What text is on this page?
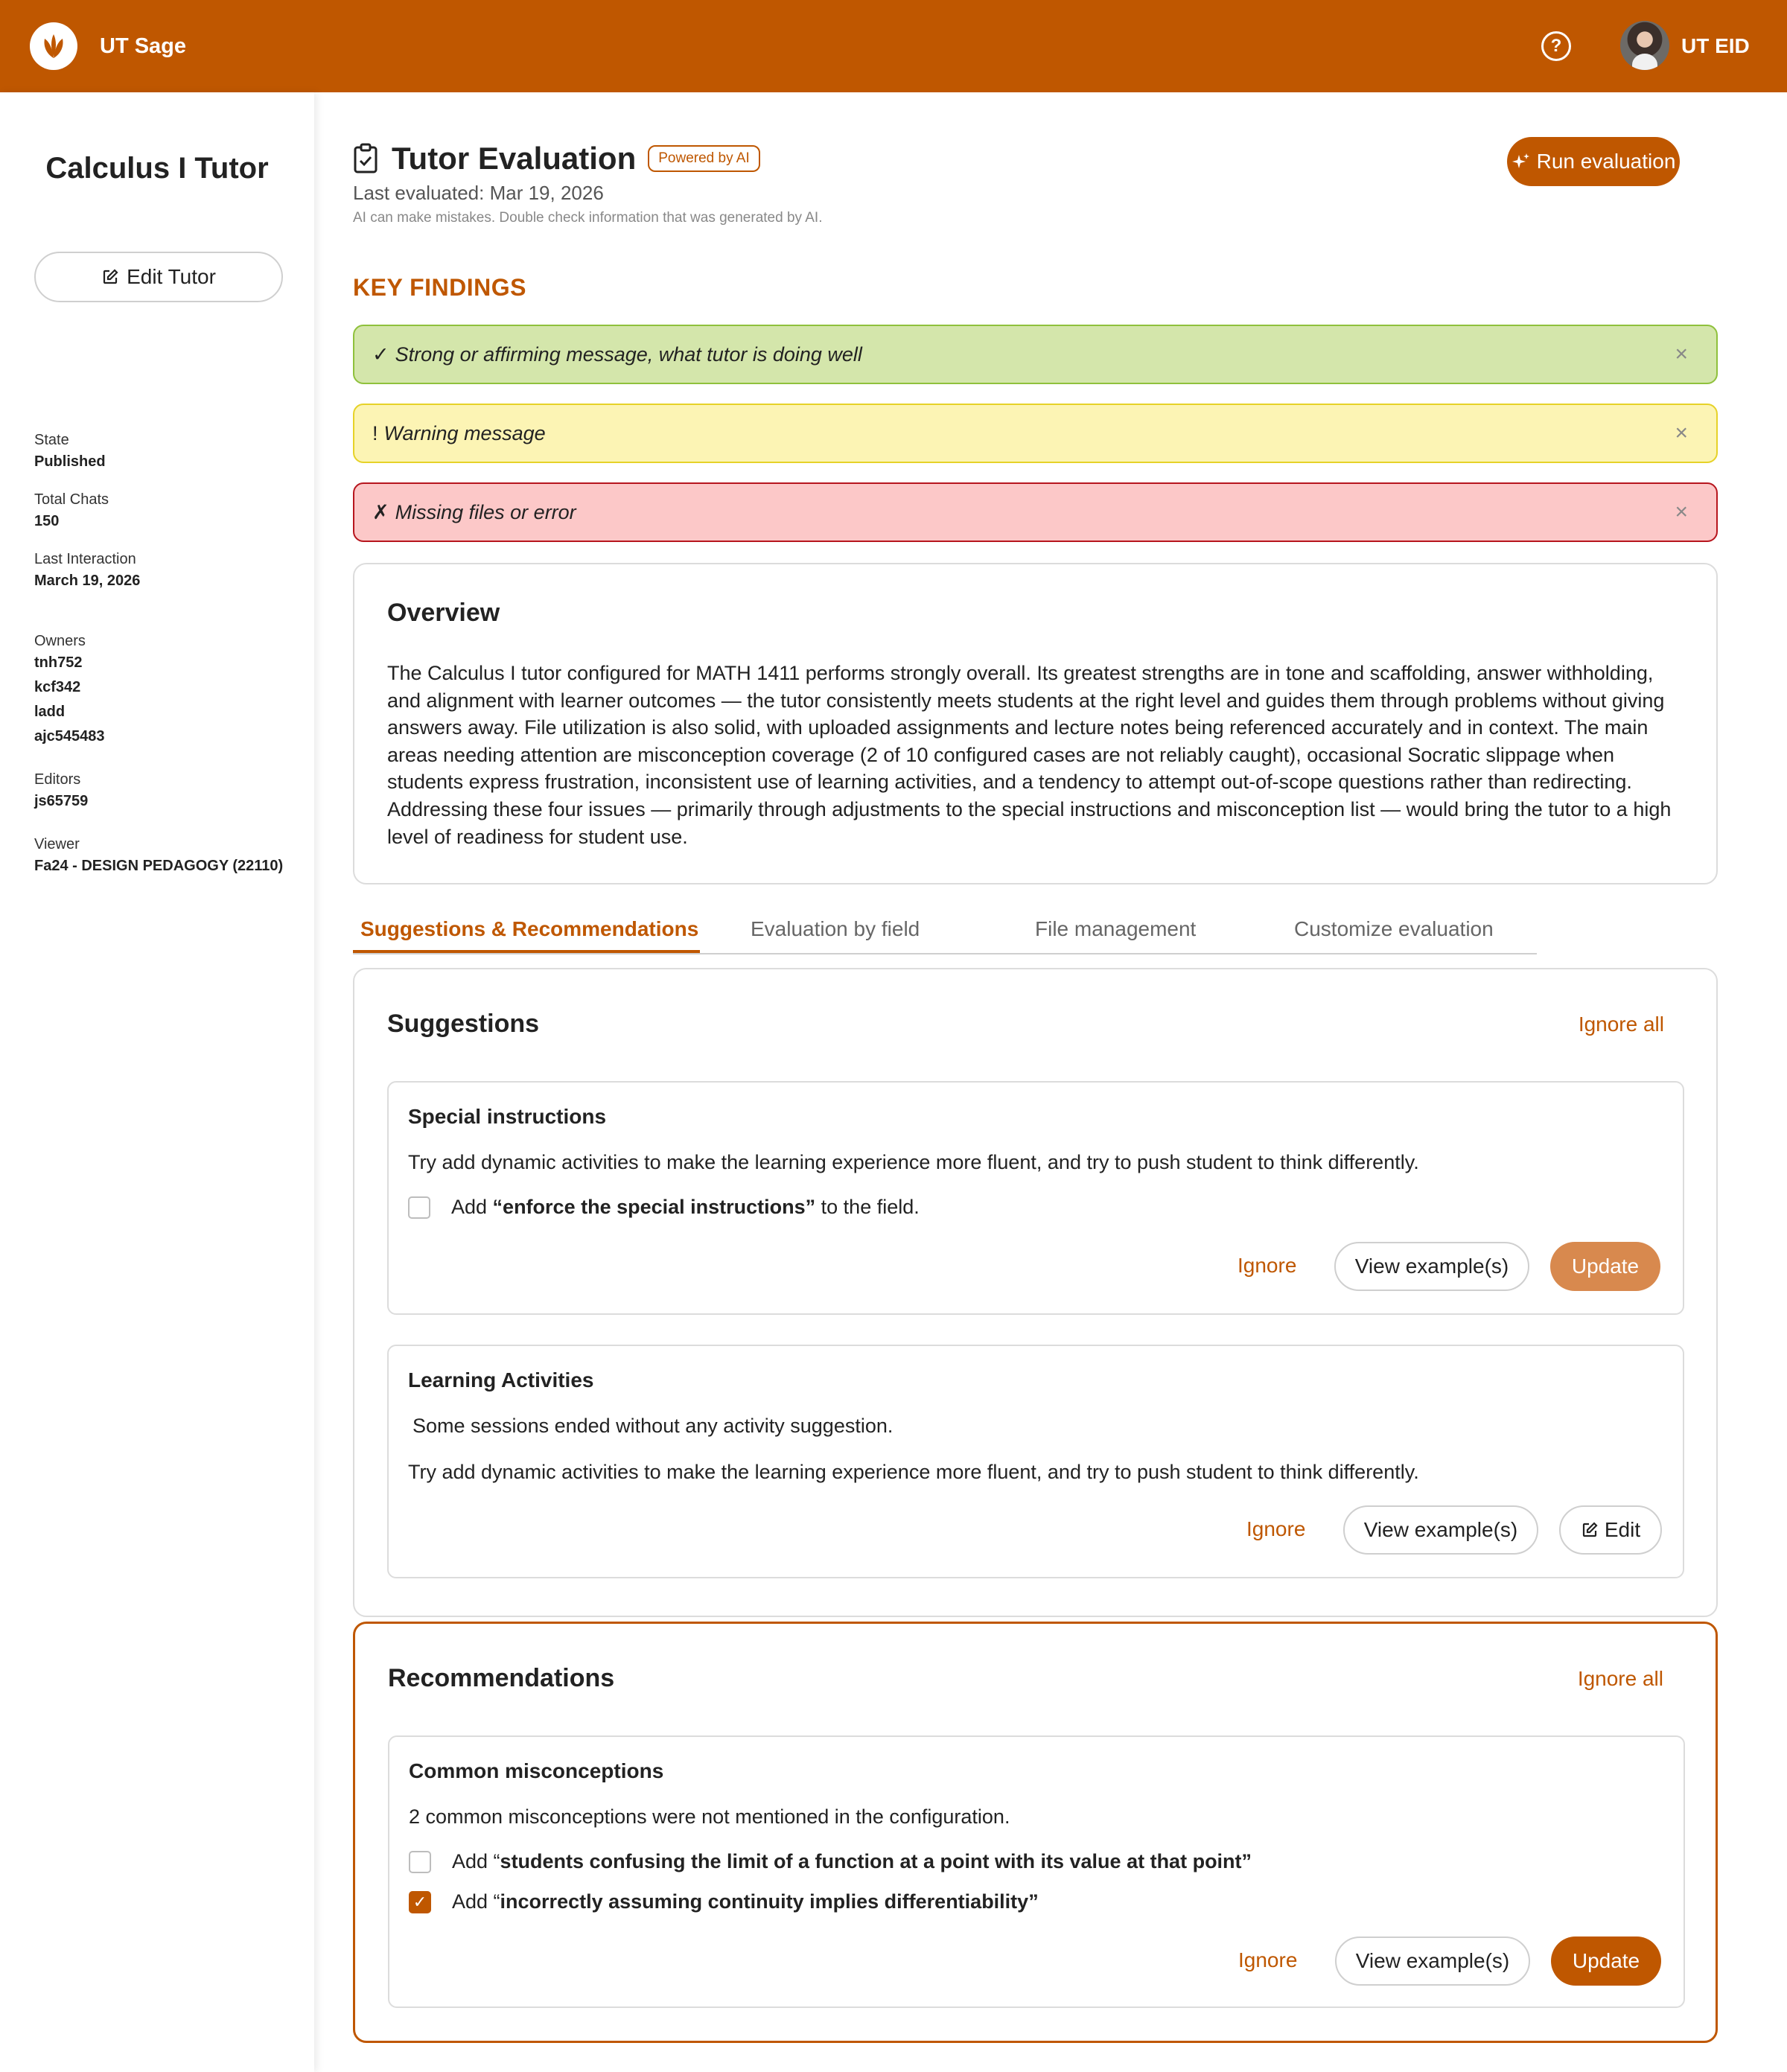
UT Sage	?	UT EID
Calculus I Tutor
Edit Tutor
State
Published
Total Chats
150
Last Interaction
March 19, 2026
Owners
tnh752
kcf342
ladd
ajc545483
Editors
js65759
Viewer
Fa24 - DESIGN PEDAGOGY (22110)
Tutor Evaluation	Powered by AI
Last evaluated: Mar 19, 2026
AI can make mistakes. Double check information that was generated by AI.
Run evaluation
KEY FINDINGS
✓ Strong or affirming message, what tutor is doing well	×
! Warning message	×
✗ Missing files or error	×
Overview
The Calculus I tutor configured for MATH 1411 performs strongly overall. Its greatest strengths are in tone and scaffolding, answer withholding, and alignment with learner outcomes — the tutor consistently meets students at the right level and guides them through problems without giving answers away. File utilization is also solid, with uploaded assignments and lecture notes being referenced accurately and in context. The main areas needing attention are misconception coverage (2 of 10 configured cases are not reliably caught), occasional Socratic slippage when students express frustration, inconsistent use of learning activities, and a tendency to attempt out-of-scope questions rather than redirecting. Addressing these four issues — primarily through adjustments to the special instructions and misconception list — would bring the tutor to a high level of readiness for student use.
Suggestions & Recommendations Evaluation by field	File management	Customize evaluation
Suggestions	Ignore all
Special instructions
Try add dynamic activities to make the learning experience more fluent, and try to push student to think differently.
Add “enforce the special instructions” to the field.
Ignore	View example(s)	Update
Learning Activities
Some sessions ended without any activity suggestion.
Try add dynamic activities to make the learning experience more fluent, and try to push student to think differently.
Ignore	View example(s)	Edit
Recommendations	Ignore all
Common misconceptions
2 common misconceptions were not mentioned in the configuration.
Add “ students confusing the limit of a function at a point with its value at that point”
✓ Add “ incorrectly assuming continuity implies differentiability”
Ignore	View example(s)	Update
